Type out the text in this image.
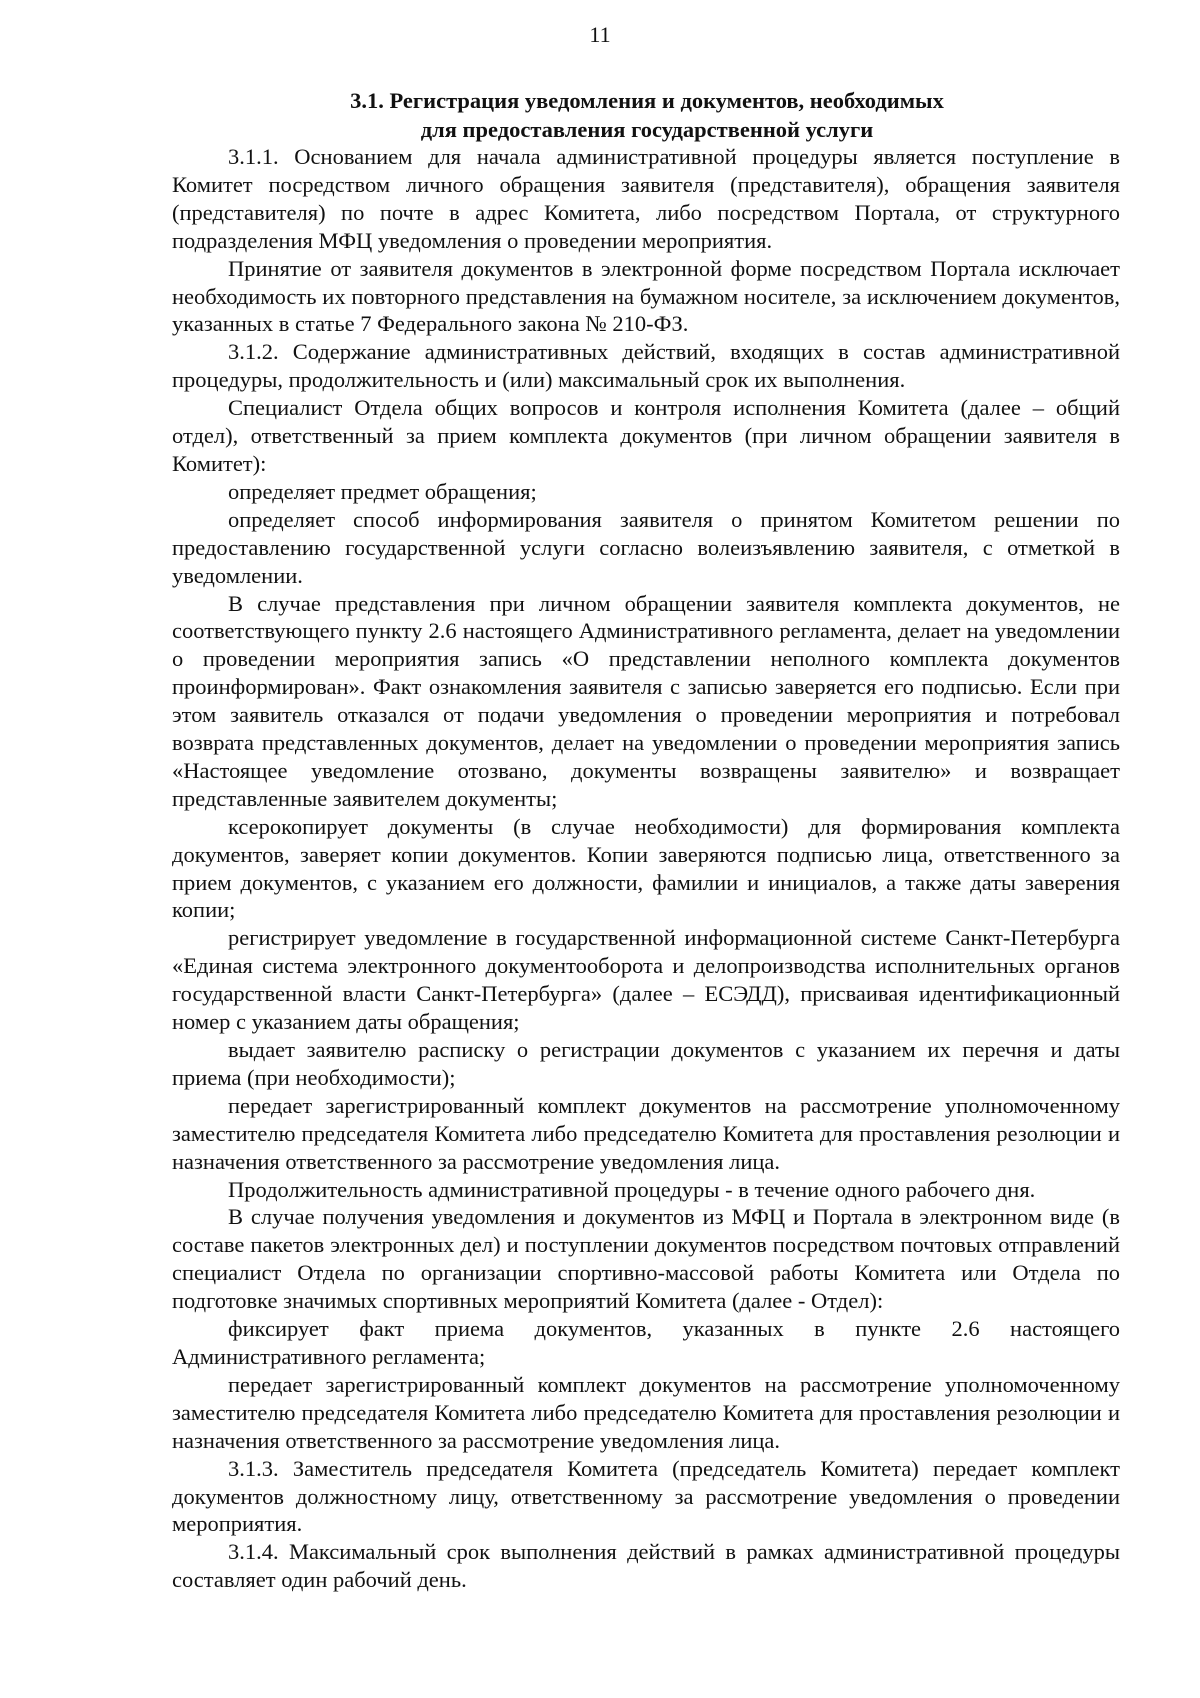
11
3.1. Регистрация уведомления и документов, необходимых
для предоставления государственной услуги

3.1.1. Основанием для начала административной процедуры является поступление в Комитет посредством личного обращения заявителя (представителя), обращения заявителя (представителя) по почте в адрес Комитета, либо посредством Портала, от структурного подразделения МФЦ уведомления о проведении мероприятия.

Принятие от заявителя документов в электронной форме посредством Портала исключает необходимость их повторного представления на бумажном носителе, за исключением документов, указанных в статье 7 Федерального закона № 210-ФЗ.

3.1.2. Содержание административных действий, входящих в состав административной процедуры, продолжительность и (или) максимальный срок их выполнения.

Специалист Отдела общих вопросов и контроля исполнения Комитета (далее – общий отдел), ответственный за прием комплекта документов (при личном обращении заявителя в Комитет):

определяет предмет обращения;

определяет способ информирования заявителя о принятом Комитетом решении по предоставлению государственной услуги согласно волеизъявлению заявителя, с отметкой в уведомлении.

В случае представления при личном обращении заявителя комплекта документов, не соответствующего пункту 2.6 настоящего Административного регламента, делает на уведомлении о проведении мероприятия запись «О представлении неполного комплекта документов проинформирован». Факт ознакомления заявителя с записью заверяется его подписью. Если при этом заявитель отказался от подачи уведомления о проведении мероприятия и потребовал возврата представленных документов, делает на уведомлении о проведении мероприятия запись «Настоящее уведомление отозвано, документы возвращены заявителю» и возвращает представленные заявителем документы;

ксерокопирует документы (в случае необходимости) для формирования комплекта документов, заверяет копии документов. Копии заверяются подписью лица, ответственного за прием документов, с указанием его должности, фамилии и инициалов, а также даты заверения копии;

регистрирует уведомление в государственной информационной системе Санкт-Петербурга «Единая система электронного документооборота и делопроизводства исполнительных органов государственной власти Санкт-Петербурга» (далее – ЕСЭДД), присваивая идентификационный номер с указанием даты обращения;

выдает заявителю расписку о регистрации документов с указанием их перечня и даты приема (при необходимости);

передает зарегистрированный комплект документов на рассмотрение уполномоченному заместителю председателя Комитета либо председателю Комитета для проставления резолюции и назначения ответственного за рассмотрение уведомления лица.

Продолжительность административной процедуры - в течение одного рабочего дня.

В случае получения уведомления и документов из МФЦ и Портала в электронном виде (в составе пакетов электронных дел) и поступлении документов посредством почтовых отправлений специалист Отдела по организации спортивно-массовой работы Комитета или Отдела по подготовке значимых спортивных мероприятий Комитета (далее - Отдел):

фиксирует факт приема документов, указанных в пункте 2.6 настоящего Административного регламента;

передает зарегистрированный комплект документов на рассмотрение уполномоченному заместителю председателя Комитета либо председателю Комитета для проставления резолюции и назначения ответственного за рассмотрение уведомления лица.

3.1.3. Заместитель председателя Комитета (председатель Комитета) передает комплект документов должностному лицу, ответственному за рассмотрение уведомления о проведении мероприятия.

3.1.4. Максимальный срок выполнения действий в рамках административной процедуры составляет один рабочий день.
